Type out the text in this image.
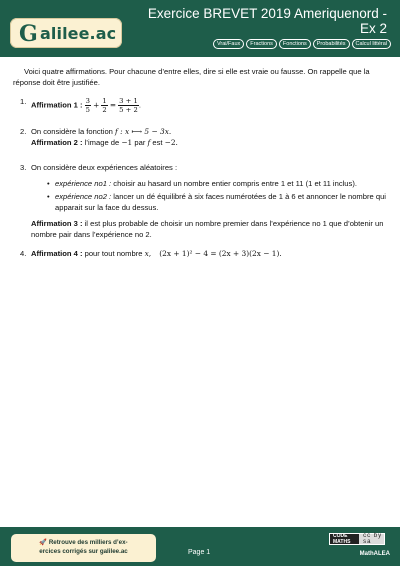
G alilee.ac
Exercice BREVET 2019 Ameriquenord - Ex 2
Vrai/Faux	Fractions	Fonctions	Probabilités	Calcul littéral

Voici quatre affirmations. Pour chacune d’entre elles, dire si elle est vraie ou fausse. On rappelle que la réponse doit être justifiée.

1. Affirmation 1 : $\frac{3}{5} + \frac{1}{2} = \frac{3 + 1}{5 + 2}$ .
2. On considère la fonction f : x ⟼ 5 − 3x.
Affirmation 2 : l’image de −1 par f est −2.
3. On considère deux expériences aléatoires :
• expérience no1 : choisir au hasard un nombre entier compris entre 1 et 11 (1 et 11 inclus).
• expérience no2 : lancer un dé équilibré à six faces numérotées de 1 à 6 et annoncer le nombre qui apparait sur la face du dessus.
Affirmation 3 : il est plus probable de choisir un nombre premier dans l’expérience no 1 que d’obtenir un nombre pair dans l’expérience no 2.
4. Affirmation 4 : pour tout nombre x, (2x + 1)² − 4 = (2x + 3)(2x − 1).
🚀 Retrouve des milliers d’ex-
ercices corrigés sur galilee.ac	Page 1
CODE MATHS
cc by sa
MathALEA
